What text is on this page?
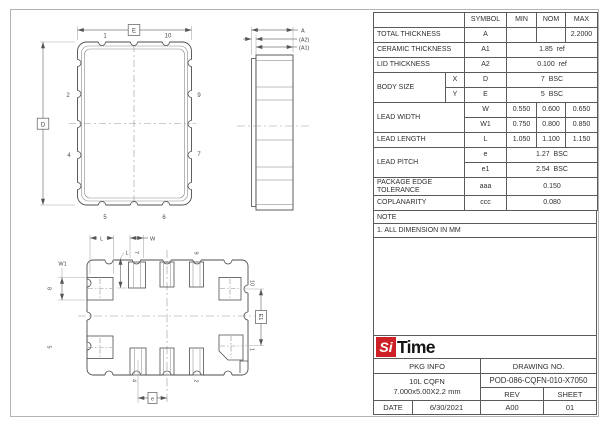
E
D
1	10
2	9
4	7
5	6
A
(A2)
(A1)
L	W
L
W1
E1
e
8
5
7	9
10
1
4	2
		SYMBOL	MIN	NOM	MAX
TOTAL THICKNESS		A			2.2000
CERAMIC THICKNESS		A1	1.85  ref		
LID THICKNESS		A2	0.100  ref		
BODY SIZE	X	D	7  BSC		
	Y	E	5  BSC		
LEAD WIDTH		W	0.550	0.600	0.650
		W1	0.750	0.800	0.850
LEAD LENGTH		L	1.050	1.100	1.150
LEAD PITCH		e	1.27  BSC		
		e1	2.54  BSC		
PACKAGE EDGE TOLERANCE		aaa	0.150		
COPLANARITY		ccc	0.080		
NOTE
1. ALL DIMENSION IN MM
Si Time
PKG INFO	DRAWING NO.
10L CQFN
7.000x5.00X2.2 mm
POD-086-CQFN-010-X7050
REV	SHEET
DATE	6/30/2021	A00	01
